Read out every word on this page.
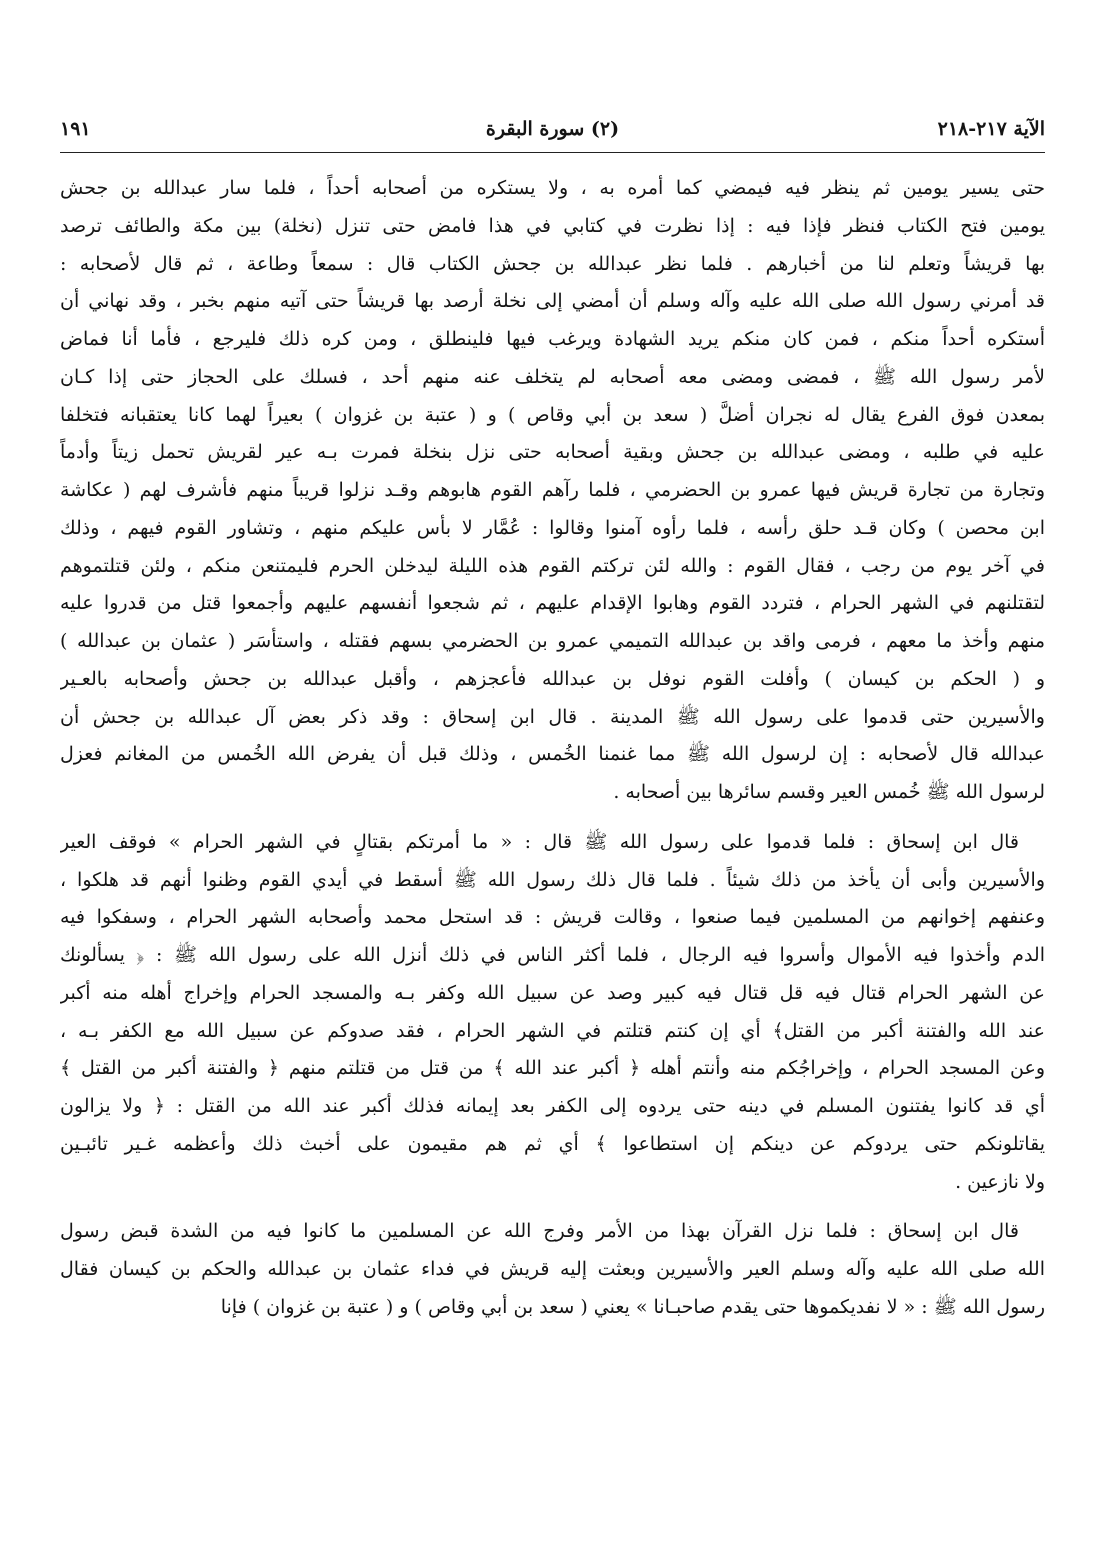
الآية ٢١٧-٢١٨
(٢) سورة البقرة
١٩١
حتى يسير يومين ثم ينظر فيه فيمضي كما أمره به ، ولا يستكره من أصحابه أحداً ، فلما سار عبدالله بن جحش
يومين فتح الكتاب فنظر فإذا فيه : إذا نظرت في كتابي في هذا فامض حتى تنزل (نخلة) بين مكة والطائف ترصد
بها قريشاً وتعلم لنا من أخبارهم . فلما نظر عبدالله بن جحش الكتاب قال : سمعاً وطاعة ، ثم قال لأصحابه :
قد أمرني رسول الله صلى الله عليه وآله وسلم أن أمضي إلى نخلة أرصد بها قريشاً حتى آتيه منهم بخبر ، وقد نهاني أن
أستكره أحداً منكم ، فمن كان منكم يريد الشهادة ويرغب فيها فلينطلق ، ومن كره ذلك فليرجع ، فأما أنا فماض
لأمر رسول الله ﷺ ، فمضى ومضى معه أصحابه لم يتخلف عنه منهم أحد ، فسلك على الحجاز حتى إذا كـان
بمعدن فوق الفرع يقال له نجران أضلَّ ( سعد بن أبي وقاص ) و ( عتبة بن غزوان ) بعيراً لهما كانا يعتقبانه فتخلفا
عليه في طلبه ، ومضى عبدالله بن جحش وبقية أصحابه حتى نزل بنخلة فمرت بـه عير لقريش تحمل زيتاً وأدماً
وتجارة من تجارة قريش فيها عمرو بن الحضرمي ، فلما رآهم القوم هابوهم وقـد نزلوا قريباً منهم فأشرف لهم ( عكاشة
ابن محصن ) وكان قـد حلق رأسه ، فلما رأوه آمنوا وقالوا : عُمَّار لا بأس عليكم منهم ، وتشاور القوم فيهم ، وذلك
في آخر يوم من رجب ، فقال القوم : والله لئن تركتم القوم هذه الليلة ليدخلن الحرم فليمتنعن منكم ، ولئن قتلتموهم
لتقتلنهم في الشهر الحرام ، فتردد القوم وهابوا الإقدام عليهم ، ثم شجعوا أنفسهم عليهم وأجمعوا قتل من قدروا عليه
منهم وأخذ ما معهم ، فرمى واقد بن عبدالله التميمي عمرو بن الحضرمي بسهم فقتله ، واستأسَر ( عثمان بن عبدالله )
و ( الحكم بن كيسان ) وأفلت القوم نوفل بن عبدالله فأعجزهم ، وأقبل عبدالله بن جحش وأصحابه بالعـير
والأسيرين حتى قدموا على رسول الله ﷺ المدينة . قال ابن إسحاق : وقد ذكر بعض آل عبدالله بن جحش أن
عبدالله قال لأصحابه : إن لرسول الله ﷺ مما غنمنا الخُمس ، وذلك قبل أن يفرض الله الخُمس من المغانم فعزل
لرسول الله ﷺ خُمس العير وقسم سائرها بين أصحابه .
قال ابن إسحاق : فلما قدموا على رسول الله ﷺ قال : « ما أمرتكم بقتالٍ في الشهر الحرام » فوقف العير
والأسيرين وأبى أن يأخذ من ذلك شيئاً . فلما قال ذلك رسول الله ﷺ أسقط في أيدي القوم وظنوا أنهم قد هلكوا ،
وعنفهم إخوانهم من المسلمين فيما صنعوا ، وقالت قريش : قد استحل محمد وأصحابه الشهر الحرام ، وسفكوا فيه
الدم وأخذوا فيه الأموال وأسروا فيه الرجال ، فلما أكثر الناس في ذلك أنزل الله على رسول الله ﷺ : ﴿ يسألونك
عن الشهر الحرام قتال فيه قل قتال فيه كبير وصد عن سبيل الله وكفر بـه والمسجد الحرام وإخراج أهله منه أكبر
عند الله والفتنة أكبر من القتل﴾ أي إن كنتم قتلتم في الشهر الحرام ، فقد صدوكم عن سبيل الله مع الكفر بـه ،
وعن المسجد الحرام ، وإخراجُكم منه وأنتم أهله ﴿ أكبر عند الله ﴾ من قتل من قتلتم منهم ﴿ والفتنة أكبر من القتل ﴾
أي قد كانوا يفتنون المسلم في دينه حتى يردوه إلى الكفر بعد إيمانه فذلك أكبر عند الله من القتل : ﴿ ولا يزالون
يقاتلونكم حتى يردوكم عن دينكم إن استطاعوا ﴾ أي ثم هم مقيمون على أخبث ذلك وأعظمه غـير تائبـين
ولا نازعين .
قال ابن إسحاق : فلما نزل القرآن بهذا من الأمر وفرج الله عن المسلمين ما كانوا فيه من الشدة قبض رسول
الله صلى الله عليه وآله وسلم العير والأسيرين وبعثت إليه قريش في فداء عثمان بن عبدالله والحكم بن كيسان فقال
رسول الله ﷺ : « لا نفديكموها حتى يقدم صاحبـانا » يعني ( سعد بن أبي وقاص ) و ( عتبة بن غزوان ) فإنا
